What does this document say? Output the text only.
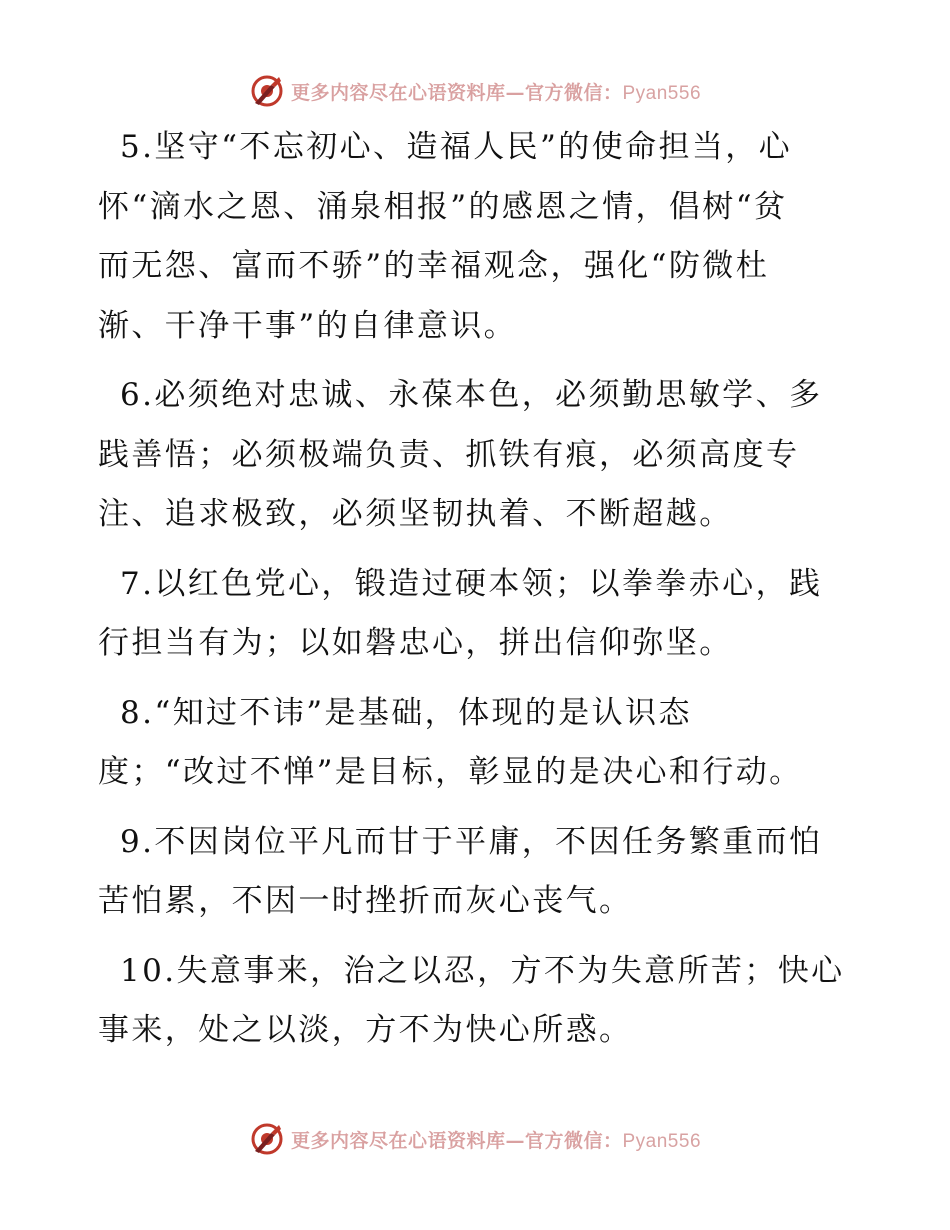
更多内容尽在心语资料库—官方微信：Pyan556

5.坚守“不忘初心、造福人民”的使命担当，心
怀“滴水之恩、涌泉相报”的感恩之情，倡树“贫
而无怨、富而不骄”的幸福观念，强化“防微杜
渐、干净干事”的自律意识。

6.必须绝对忠诚、永葆本色，必须勤思敏学、多
践善悟；必须极端负责、抓铁有痕，必须高度专
注、追求极致，必须坚韧执着、不断超越。

7.以红色党心，锻造过硬本领；以拳拳赤心，践
行担当有为；以如磐忠心，拼出信仰弥坚。

8.“知过不讳”是基础，体现的是认识态
度；“改过不惮”是目标，彰显的是决心和行动。

9.不因岗位平凡而甘于平庸，不因任务繁重而怕
苦怕累，不因一时挫折而灰心丧气。

10.失意事来，治之以忍，方不为失意所苦；快心
事来，处之以淡，方不为快心所惑。

更多内容尽在心语资料库—官方微信：Pyan556
